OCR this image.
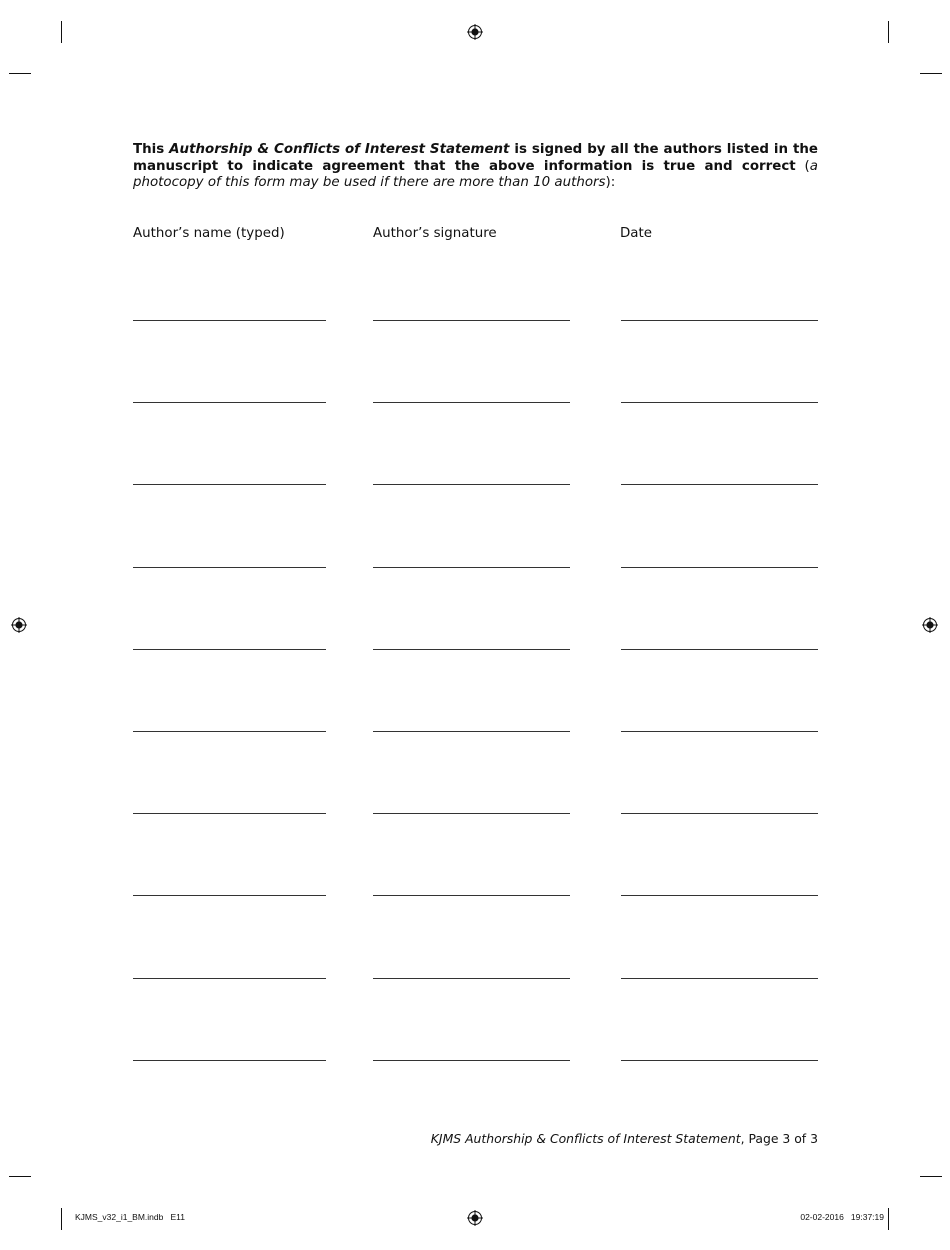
This Authorship & Conflicts of Interest Statement is signed by all the authors listed in the manuscript to indicate agreement that the above information is true and correct (a photocopy of this form may be used if there are more than 10 authors):

Author’s name (typed)	Author’s signature	Date
KJMS Authorship & Conflicts of Interest Statement, Page 3 of 3
KJMS_v32_i1_BM.indb   E11	02-02-2016   19:37:19
